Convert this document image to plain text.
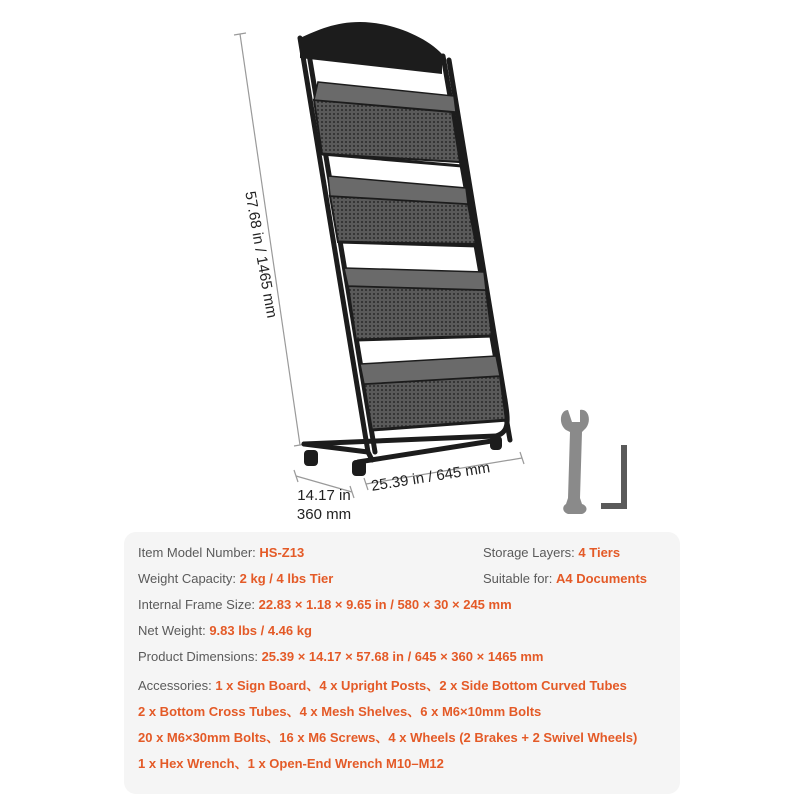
57.68 in / 1465 mm
25.39 in / 645 mm
14.17 in
360 mm
Item Model Number: HS-Z13	Storage Layers: 4 Tiers
Weight Capacity: 2 kg / 4 lbs Tier	Suitable for: A4 Documents
Internal Frame Size: 22.83 × 1.18 × 9.65 in / 580 × 30 × 245 mm
Net Weight: 9.83 lbs / 4.46 kg
Product Dimensions: 25.39 × 14.17 × 57.68 in / 645 × 360 × 1465 mm
Accessories: 1 x Sign Board、4 x Upright Posts、2 x Side Bottom Curved Tubes
2 x Bottom Cross Tubes、4 x Mesh Shelves、6 x M6×10mm Bolts
20 x M6×30mm Bolts、16 x M6 Screws、4 x Wheels (2 Brakes + 2 Swivel Wheels)
1 x Hex Wrench、1 x Open-End Wrench M10–M12
